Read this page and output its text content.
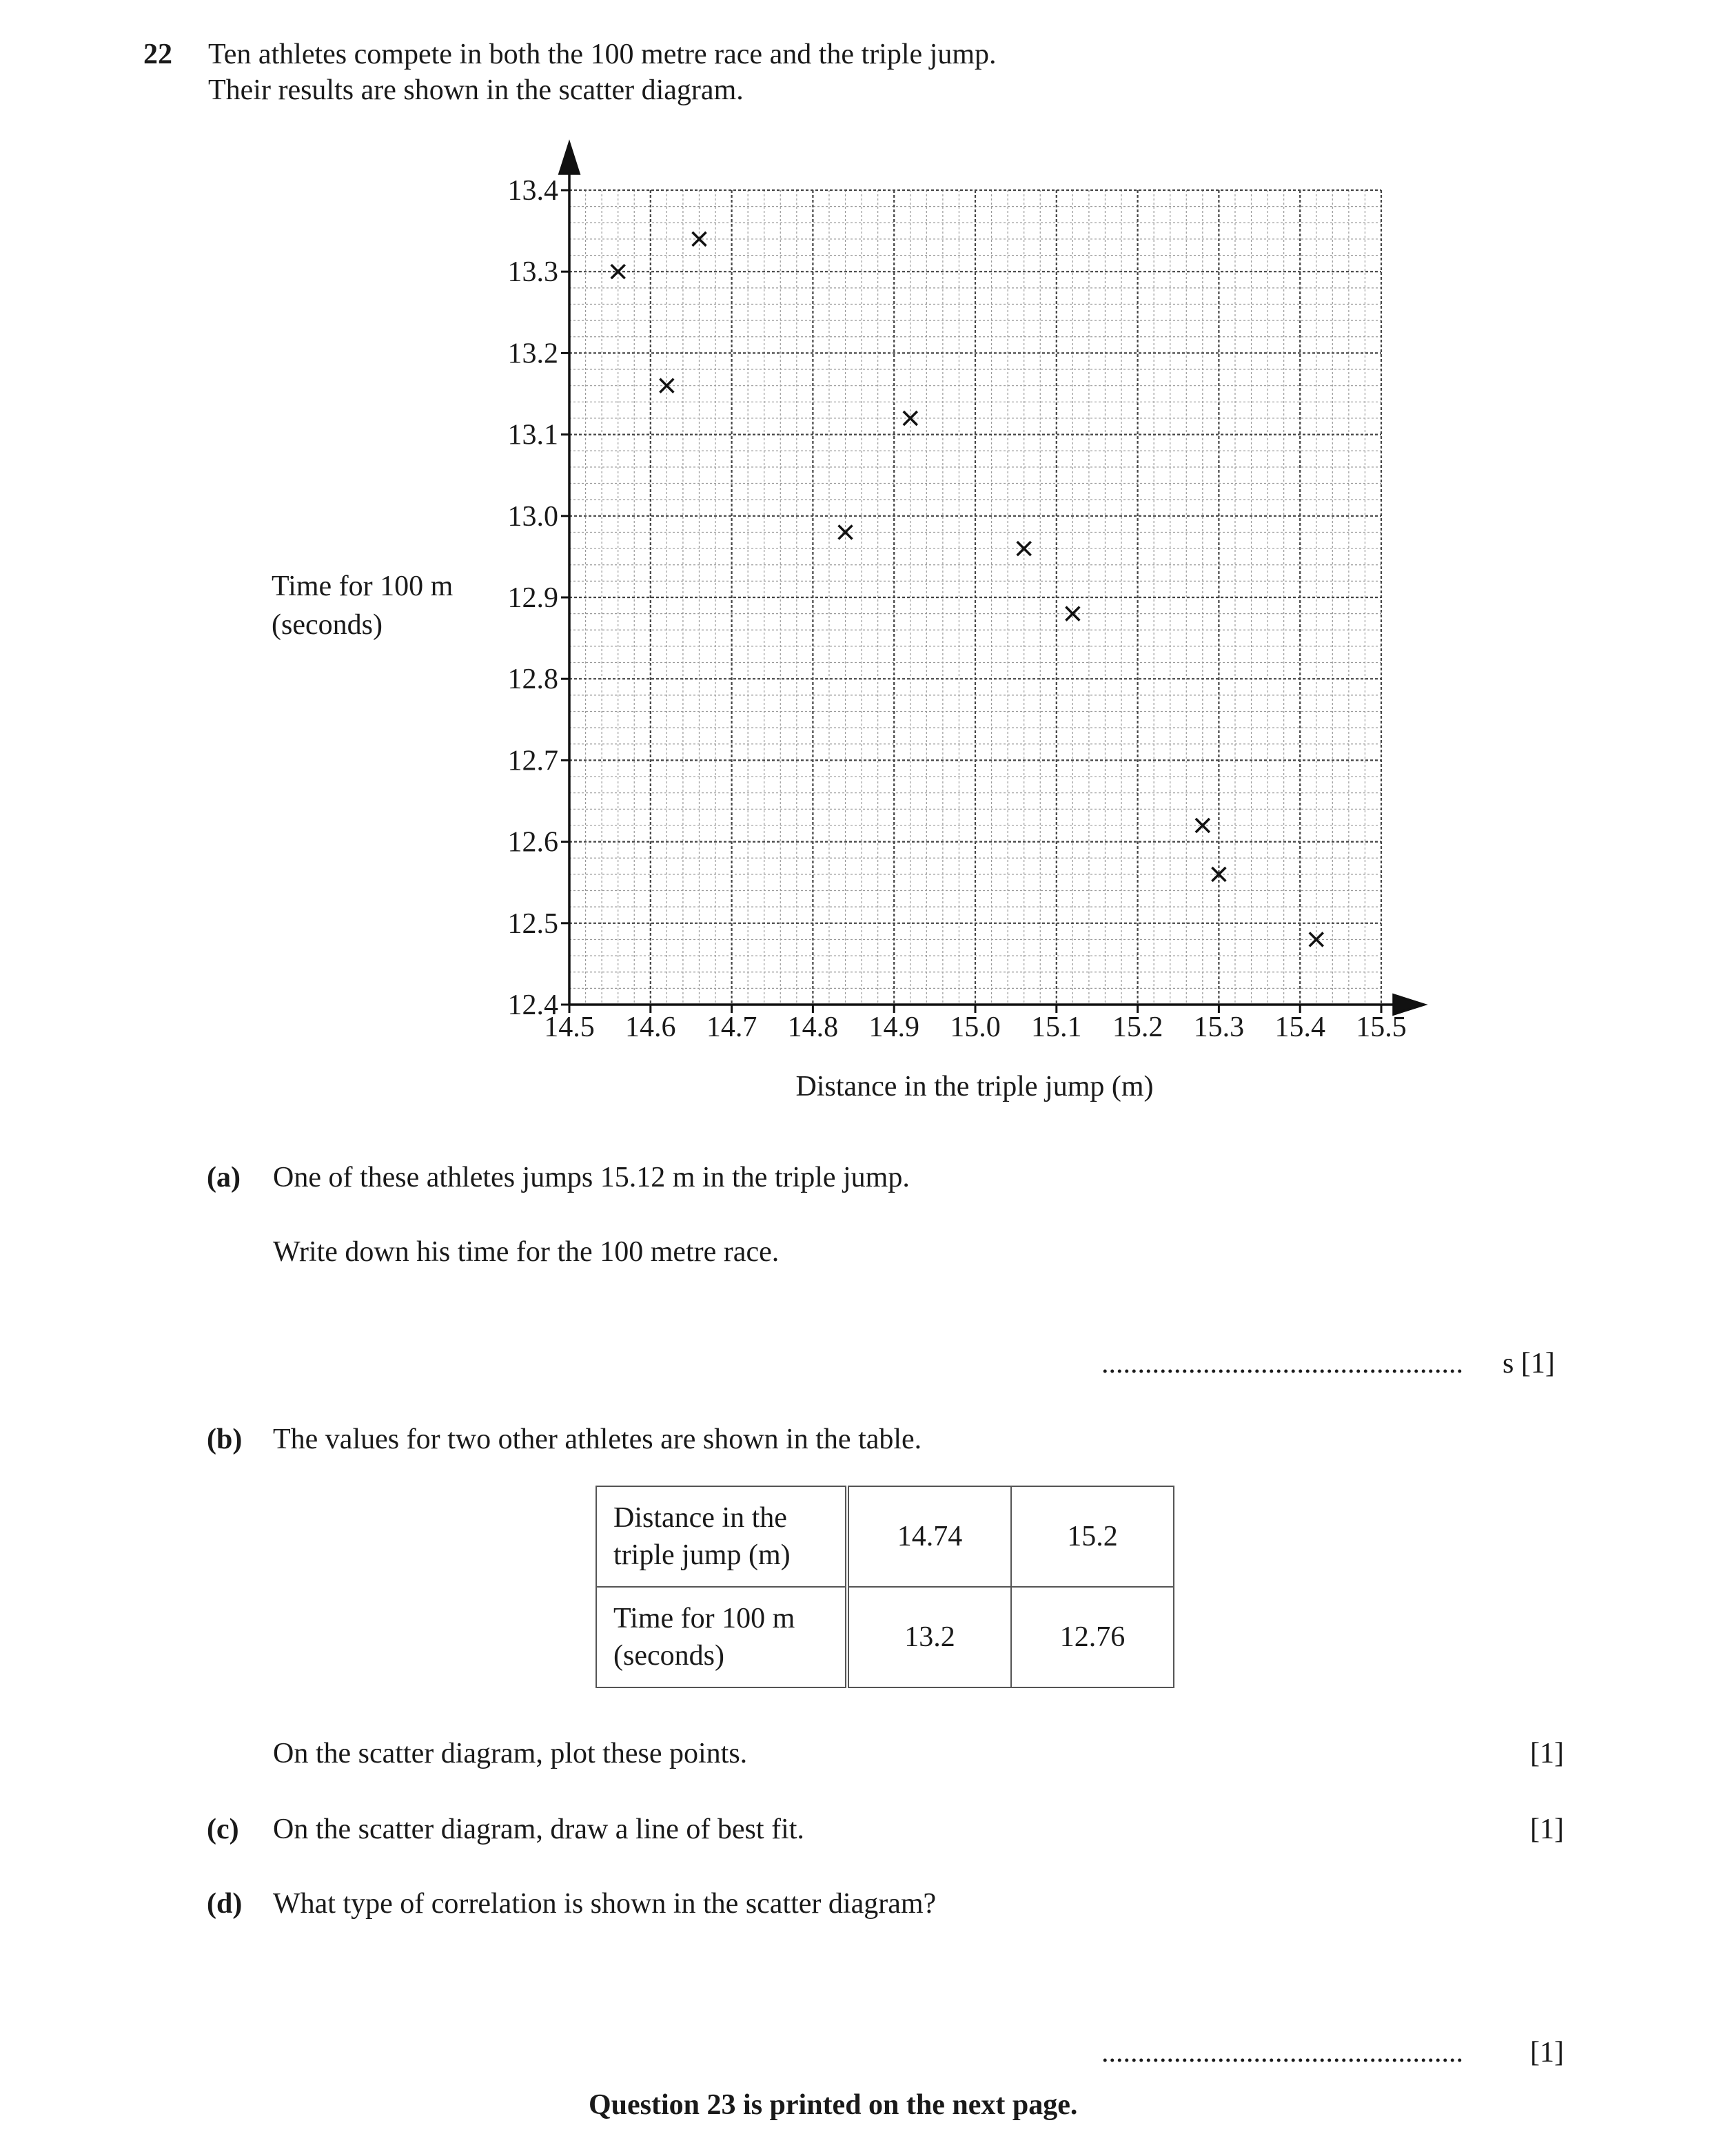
22 Ten athletes compete in both the 100 metre race and the triple jump.
Their results are shown in the scatter diagram.
Time for 100 m
(seconds)
14.5 14.6 14.7 14.8 14.9 15.0 15.1 15.2 15.3 15.4 15.5
12.4
12.5
12.6
12.7
12.8
12.9
13.0
13.1
13.2
13.3
13.4
Distance in the triple jump (m)
(a) One of these athletes jumps 15.12 m in the triple jump.
Write down his time for the 100 metre race.
.................................................. s [1]
(b) The values for two other athletes are shown in the table.
Distance in the
triple jump (m)	14.74	15.2

Time for 100 m
(seconds)	13.2	12.76
On the scatter diagram, plot these points.	[1]
(c) On the scatter diagram, draw a line of best fit.	[1]
(d) What type of correlation is shown in the scatter diagram?
.................................................. [1]
Question 23 is printed on the next page.
